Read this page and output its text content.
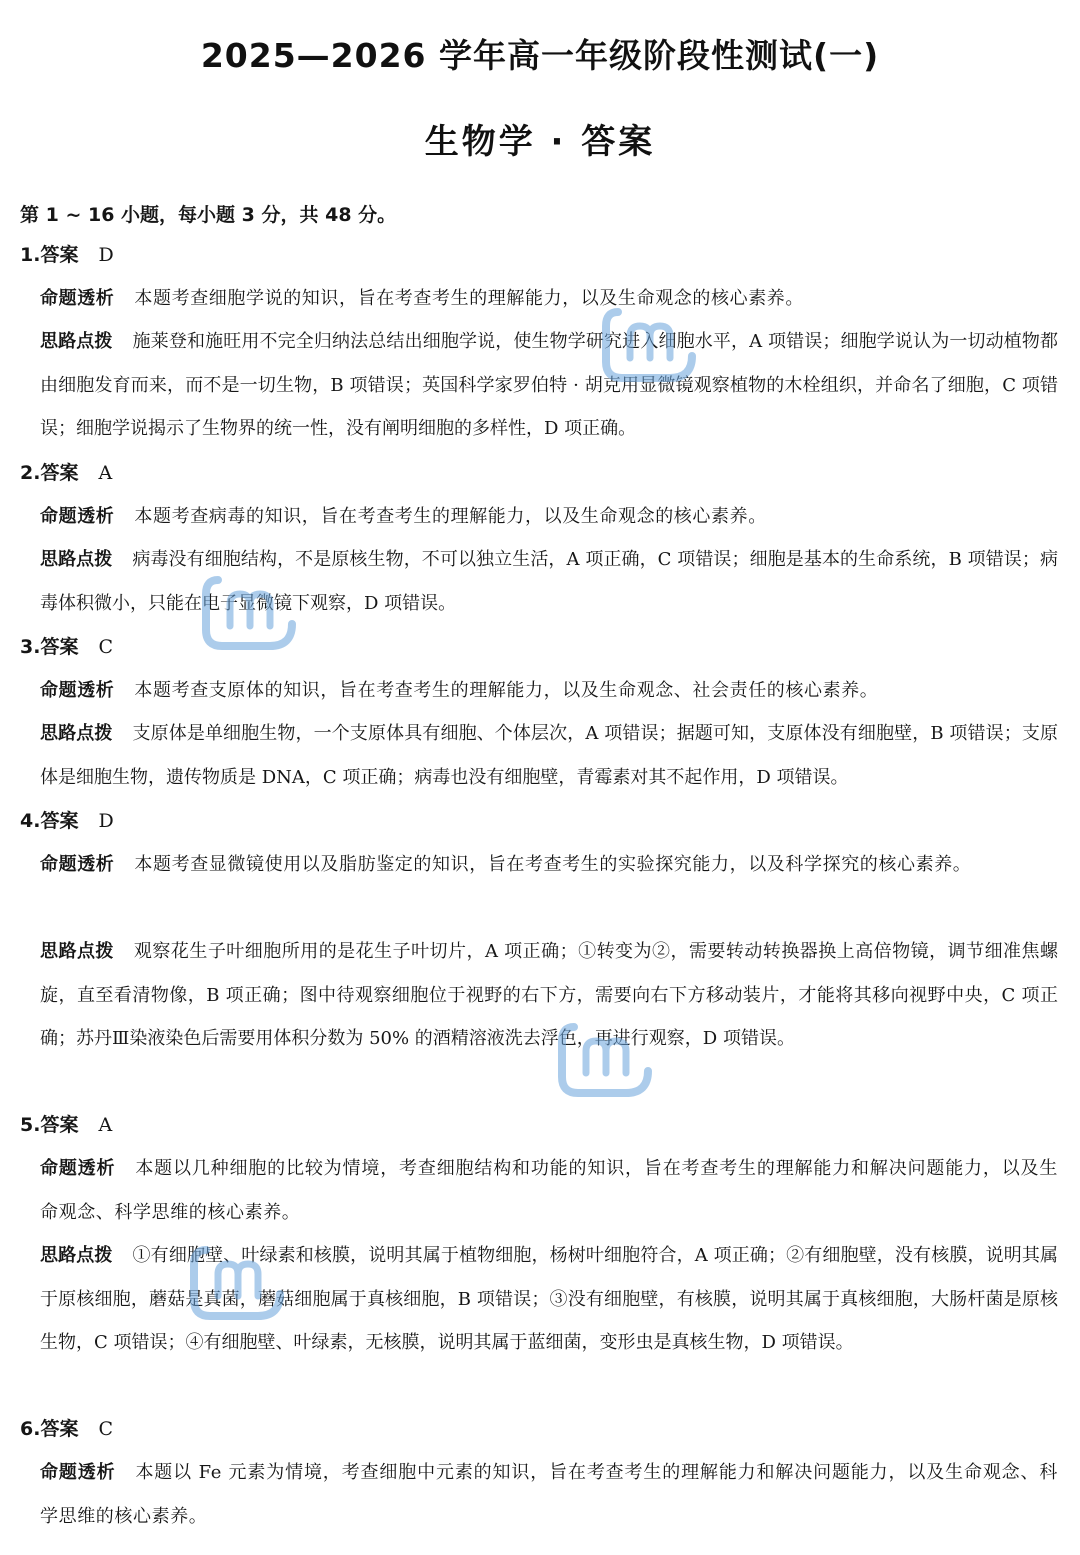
2025—2026 学年高一年级阶段性测试(一)
生物学 · 答案
第 1 ~ 16 小题，每小题 3 分，共 48 分。
1.答案 D

命题透析 本题考查细胞学说的知识，旨在考查考生的理解能力，以及生命观念的核心素养。

思路点拨 施莱登和施旺用不完全归纳法总结出细胞学说，使生物学研究进入细胞水平，A 项错误；细胞学说认为一切动植物都由细胞发育而来，而不是一切生物，B 项错误；英国科学家罗伯特 · 胡克用显微镜观察植物的木栓组织，并命名了细胞，C 项错误；细胞学说揭示了生物界的统一性，没有阐明细胞的多样性，D 项正确。

2.答案 A

命题透析 本题考查病毒的知识，旨在考查考生的理解能力，以及生命观念的核心素养。

思路点拨 病毒没有细胞结构，不是原核生物，不可以独立生活，A 项正确，C 项错误；细胞是基本的生命系统，B 项错误；病毒体积微小，只能在电子显微镜下观察，D 项错误。

3.答案 C

命题透析 本题考查支原体的知识，旨在考查考生的理解能力，以及生命观念、社会责任的核心素养。

思路点拨 支原体是单细胞生物，一个支原体具有细胞、个体层次，A 项错误；据题可知，支原体没有细胞壁，B 项错误；支原体是细胞生物，遗传物质是 DNA，C 项正确；病毒也没有细胞壁，青霉素对其不起作用，D 项错误。

4.答案 D

命题透析 本题考查显微镜使用以及脂肪鉴定的知识，旨在考查考生的实验探究能力，以及科学探究的核心素养。

思路点拨 观察花生子叶细胞所用的是花生子叶切片，A 项正确；①转变为②，需要转动转换器换上高倍物镜，调节细准焦螺旋，直至看清物像，B 项正确；图中待观察细胞位于视野的右下方，需要向右下方移动装片，才能将其移向视野中央，C 项正确；苏丹Ⅲ染液染色后需要用体积分数为 50% 的酒精溶液洗去浮色，再进行观察，D 项错误。

5.答案 A

命题透析 本题以几种细胞的比较为情境，考查细胞结构和功能的知识，旨在考查考生的理解能力和解决问题能力，以及生命观念、科学思维的核心素养。

思路点拨 ①有细胞壁、叶绿素和核膜，说明其属于植物细胞，杨树叶细胞符合，A 项正确；②有细胞壁，没有核膜，说明其属于原核细胞，蘑菇是真菌，蘑菇细胞属于真核细胞，B 项错误；③没有细胞壁，有核膜，说明其属于真核细胞，大肠杆菌是原核生物，C 项错误；④有细胞壁、叶绿素，无核膜，说明其属于蓝细菌，变形虫是真核生物，D 项错误。

6.答案 C

命题透析 本题以 Fe 元素为情境，考查细胞中元素的知识，旨在考查考生的理解能力和解决问题能力，以及生命观念、科学思维的核心素养。
